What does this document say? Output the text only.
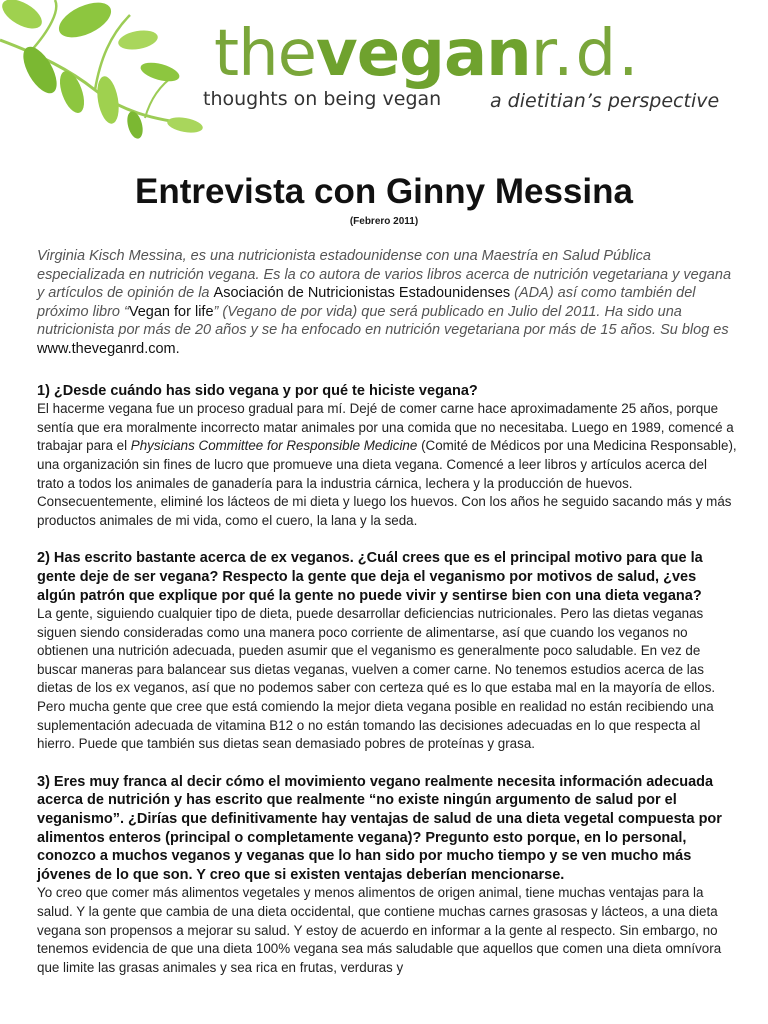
theveganr.d.
thoughts on being vegan	a dietitian’s perspective
Entrevista con Ginny Messina
(Febrero 2011)

Virginia Kisch Messina, es una nutricionista estadounidense con una Maestría en Salud Pública especializada en nutrición vegana. Es la co autora de varios libros acerca de nutrición vegetariana y vegana y artículos de opinión de la Asociación de Nutricionistas Estadounidenses (ADA) así como también del próximo libro “Vegan for life” (Vegano de por vida) que será publicado en Julio del 2011. Ha sido una nutricionista por más de 20 años y se ha enfocado en nutrición vegetariana por más de 15 años. Su blog es www.theveganrd.com.

1) ¿Desde cuándo has sido vegana y por qué te hiciste vegana?

El hacerme vegana fue un proceso gradual para mí. Dejé de comer carne hace aproximadamente 25 años, porque sentía que era moralmente incorrecto matar animales por una comida que no necesitaba. Luego en 1989, comencé a trabajar para el Physicians Committee for Responsible Medicine (Comité de Médicos por una Medicina Responsable), una organización sin fines de lucro que promueve una dieta vegana. Comencé a leer libros y artículos acerca del trato a todos los animales de ganadería para la industria cárnica, lechera y la producción de huevos. Consecuentemente, eliminé los lácteos de mi dieta y luego los huevos. Con los años he seguido sacando más y más productos animales de mi vida, como el cuero, la lana y la seda.

2) Has escrito bastante acerca de ex veganos. ¿Cuál crees que es el principal motivo para que la gente deje de ser vegana? Respecto la gente que deja el veganismo por motivos de salud, ¿ves algún patrón que explique por qué la gente no puede vivir y sentirse bien con una dieta vegana?

La gente, siguiendo cualquier tipo de dieta, puede desarrollar deficiencias nutricionales. Pero las dietas veganas siguen siendo consideradas como una manera poco corriente de alimentarse, así que cuando los veganos no obtienen una nutrición adecuada, pueden asumir que el veganismo es generalmente poco saludable. En vez de buscar maneras para balancear sus dietas veganas, vuelven a comer carne. No tenemos estudios acerca de las dietas de los ex veganos, así que no podemos saber con certeza qué es lo que estaba mal en la mayoría de ellos. Pero mucha gente que cree que está comiendo la mejor dieta vegana posible en realidad no están recibiendo una suplementación adecuada de vitamina B12 o no están tomando las decisiones adecuadas en lo que respecta al hierro. Puede que también sus dietas sean demasiado pobres de proteínas y grasa.

3) Eres muy franca al decir cómo el movimiento vegano realmente necesita información adecuada acerca de nutrición y has escrito que realmente “no existe ningún argumento de salud por el veganismo”. ¿Dirías que definitivamente hay ventajas de salud de una dieta vegetal compuesta por alimentos enteros (principal o completamente vegana)? Pregunto esto porque, en lo personal, conozco a muchos veganos y veganas que lo han sido por mucho tiempo y se ven mucho más jóvenes de lo que son. Y creo que si existen ventajas deberían mencionarse.

Yo creo que comer más alimentos vegetales y menos alimentos de origen animal, tiene muchas ventajas para la salud. Y la gente que cambia de una dieta occidental, que contiene muchas carnes grasosas y lácteos, a una dieta vegana son propensos a mejorar su salud. Y estoy de acuerdo en informar a la gente al respecto. Sin embargo, no tenemos evidencia de que una dieta 100% vegana sea más saludable que aquellos que comen una dieta omnívora que limite las grasas animales y sea rica en frutas, verduras y
